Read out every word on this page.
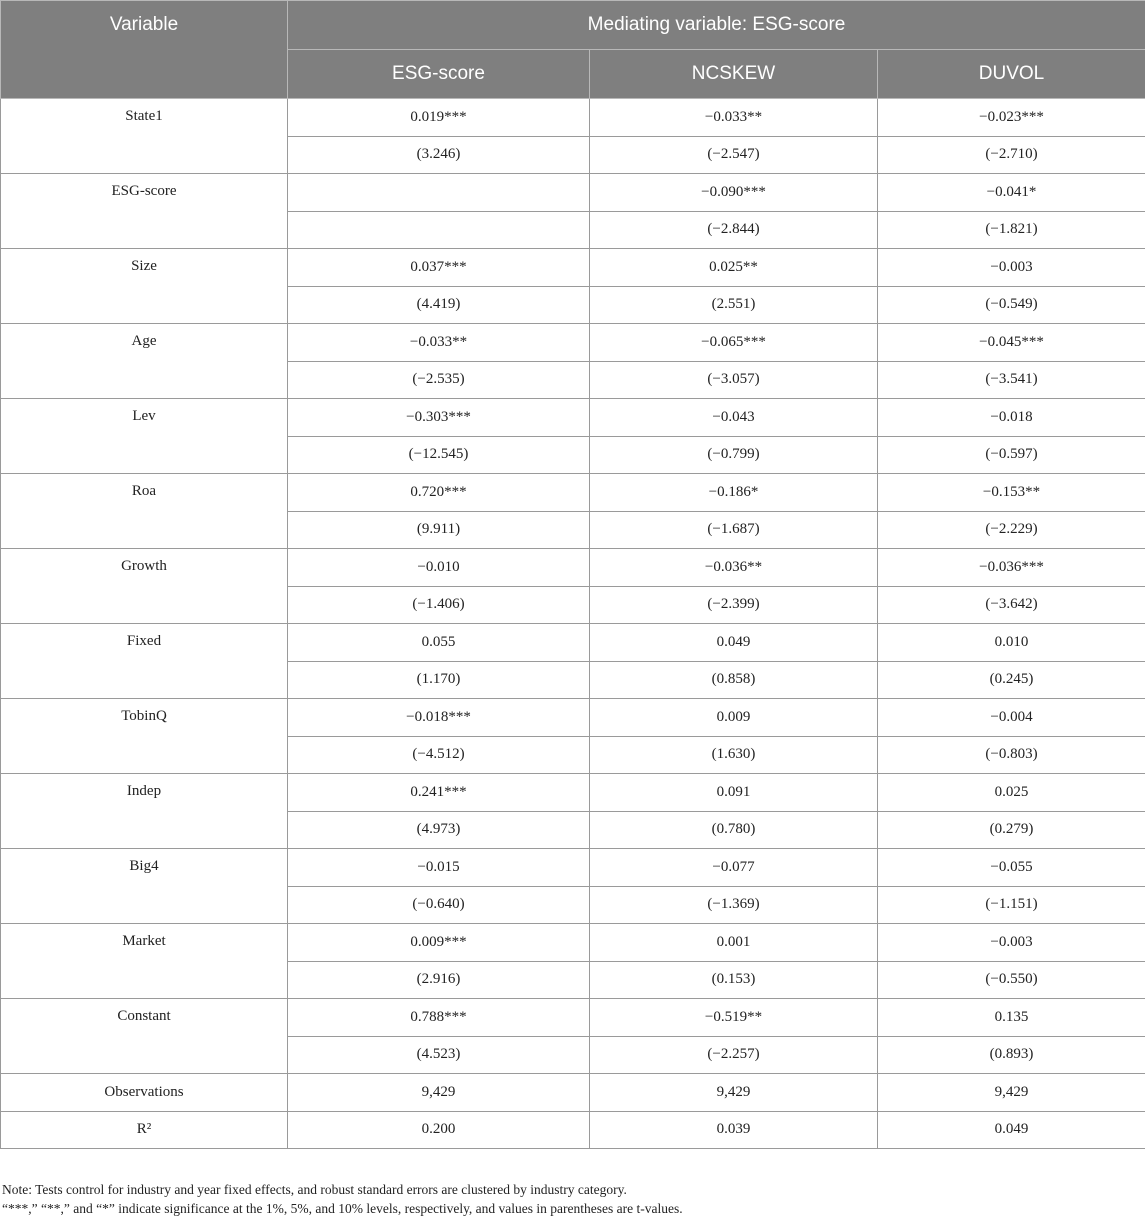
Variable	Mediating variable: ESG-score		
	ESG-score	NCSKEW	DUVOL
State1	0.019***	−0.033**	−0.023***
	(3.246)	(−2.547)	(−2.710)
ESG-score		−0.090***	−0.041*
		(−2.844)	(−1.821)
Size	0.037***	0.025**	−0.003
	(4.419)	(2.551)	(−0.549)
Age	−0.033**	−0.065***	−0.045***
	(−2.535)	(−3.057)	(−3.541)
Lev	−0.303***	−0.043	−0.018
	(−12.545)	(−0.799)	(−0.597)
Roa	0.720***	−0.186*	−0.153**
	(9.911)	(−1.687)	(−2.229)
Growth	−0.010	−0.036**	−0.036***
	(−1.406)	(−2.399)	(−3.642)
Fixed	0.055	0.049	0.010
	(1.170)	(0.858)	(0.245)
TobinQ	−0.018***	0.009	−0.004
	(−4.512)	(1.630)	(−0.803)
Indep	0.241***	0.091	0.025
	(4.973)	(0.780)	(0.279)
Big4	−0.015	−0.077	−0.055
	(−0.640)	(−1.369)	(−1.151)
Market	0.009***	0.001	−0.003
	(2.916)	(0.153)	(−0.550)
Constant	0.788***	−0.519**	0.135
	(4.523)	(−2.257)	(0.893)
Observations	9,429	9,429	9,429
R²	0.200	0.039	0.049
Note: Tests control for industry and year fixed effects, and robust standard errors are clustered by industry category.
“***,” “**,” and “*” indicate significance at the 1%, 5%, and 10% levels, respectively, and values in parentheses are t-values.
